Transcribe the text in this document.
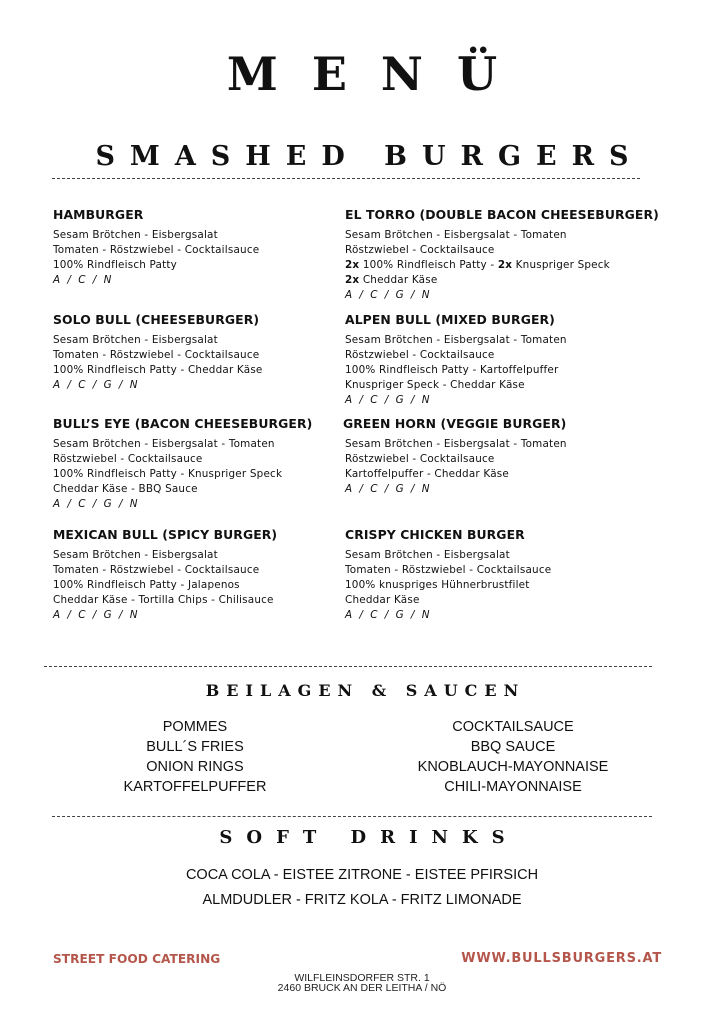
MENÜ
SMASHED BURGERS
HAMBURGER
Sesam Brötchen - Eisbergsalat
Tomaten - Röstzwiebel - Cocktailsauce
100% Rindfleisch Patty
A / C / N
EL TORRO (DOUBLE BACON CHEESEBURGER)
Sesam Brötchen - Eisbergsalat - Tomaten
Röstzwiebel - Cocktailsauce
2x 100% Rindfleisch Patty - 2x Knuspriger Speck
2x Cheddar Käse
A / C / G / N
SOLO BULL (CHEESEBURGER)
Sesam Brötchen - Eisbergsalat
Tomaten - Röstzwiebel - Cocktailsauce
100% Rindfleisch Patty - Cheddar Käse
A / C / G / N
ALPEN BULL (MIXED BURGER)
Sesam Brötchen - Eisbergsalat - Tomaten
Röstzwiebel - Cocktailsauce
100% Rindfleisch Patty - Kartoffelpuffer
Knuspriger Speck - Cheddar Käse
A / C / G / N
BULL’S EYE (BACON CHEESEBURGER)
Sesam Brötchen - Eisbergsalat - Tomaten
Röstzwiebel - Cocktailsauce
100% Rindfleisch Patty - Knuspriger Speck
Cheddar Käse - BBQ Sauce
A / C / G / N
GREEN HORN (VEGGIE BURGER)
Sesam Brötchen - Eisbergsalat - Tomaten
Röstzwiebel - Cocktailsauce
Kartoffelpuffer - Cheddar Käse
A / C / G / N
MEXICAN BULL (SPICY BURGER)
Sesam Brötchen - Eisbergsalat
Tomaten - Röstzwiebel - Cocktailsauce
100% Rindfleisch Patty - Jalapenos
Cheddar Käse - Tortilla Chips - Chilisauce
A / C / G / N
CRISPY CHICKEN BURGER
Sesam Brötchen - Eisbergsalat
Tomaten - Röstzwiebel - Cocktailsauce
100% knuspriges Hühnerbrustfilet
Cheddar Käse
A / C / G / N
BEILAGEN & SAUCEN
POMMES
BULL´S FRIES
ONION RINGS
KARTOFFELPUFFER
COCKTAILSAUCE
BBQ SAUCE
KNOBLAUCH-MAYONNAISE
CHILI-MAYONNAISE
SOFT DRINKS
COCA COLA - EISTEE ZITRONE - EISTEE PFIRSICH
ALMDUDLER - FRITZ KOLA - FRITZ LIMONADE
STREET FOOD CATERING	WWW.BULLSBURGERS.AT
WILFLEINSDORFER STR. 1
2460 BRUCK AN DER LEITHA / NÖ
